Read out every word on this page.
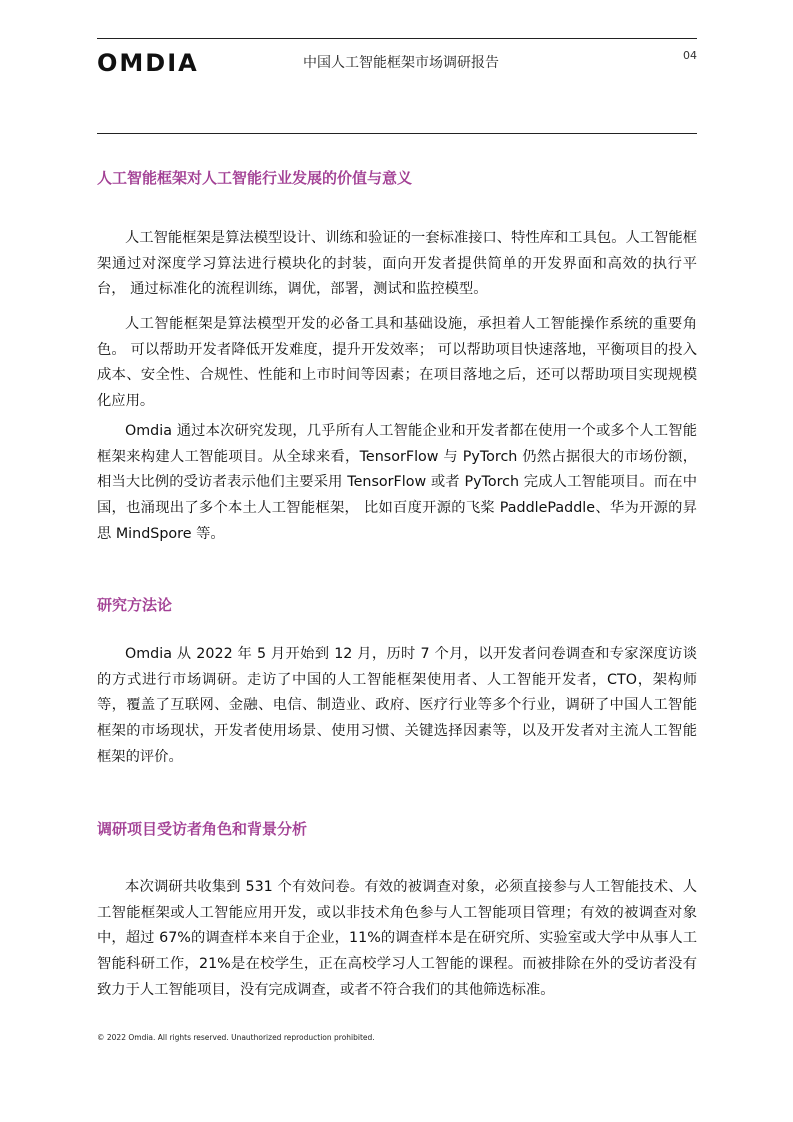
OMDIA	中国人工智能框架市场调研报告	04
人工智能框架对人工智能行业发展的价值与意义

人工智能框架是算法模型设计、训练和验证的一套标准接口、特性库和工具包。人工智能框架通过对深度学习算法进行模块化的封装，面向开发者提供简单的开发界面和高效的执行平台， 通过标准化的流程训练，调优，部署，测试和监控模型。

人工智能框架是算法模型开发的必备工具和基础设施，承担着人工智能操作系统的重要角色。 可以帮助开发者降低开发难度，提升开发效率； 可以帮助项目快速落地，平衡项目的投入成本、安全性、合规性、性能和上市时间等因素；在项目落地之后，还可以帮助项目实现规模化应用。

Omdia 通过本次研究发现，几乎所有人工智能企业和开发者都在使用一个或多个人工智能框架来构建人工智能项目。从全球来看，TensorFlow 与 PyTorch 仍然占据很大的市场份额，相当大比例的受访者表示他们主要采用 TensorFlow 或者 PyTorch 完成人工智能项目。而在中国，也涌现出了多个本土人工智能框架， 比如百度开源的飞桨 PaddlePaddle、华为开源的昇思 MindSpore 等。

研究方法论

Omdia 从 2022 年 5 月开始到 12 月，历时 7 个月，以开发者问卷调查和专家深度访谈的方式进行市场调研。走访了中国的人工智能框架使用者、人工智能开发者，CTO，架构师等，覆盖了互联网、金融、电信、制造业、政府、医疗行业等多个行业，调研了中国人工智能框架的市场现状，开发者使用场景、使用习惯、关键选择因素等，以及开发者对主流人工智能框架的评价。

调研项目受访者角色和背景分析

本次调研共收集到 531 个有效问卷。有效的被调查对象，必须直接参与人工智能技术、人工智能框架或人工智能应用开发，或以非技术角色参与人工智能项目管理；有效的被调查对象中，超过 67%的调查样本来自于企业，11%的调查样本是在研究所、实验室或大学中从事人工智能科研工作，21%是在校学生，正在高校学习人工智能的课程。而被排除在外的受访者没有致力于人工智能项目，没有完成调查，或者不符合我们的其他筛选标准。

© 2022 Omdia. All rights reserved. Unauthorized reproduction prohibited.
